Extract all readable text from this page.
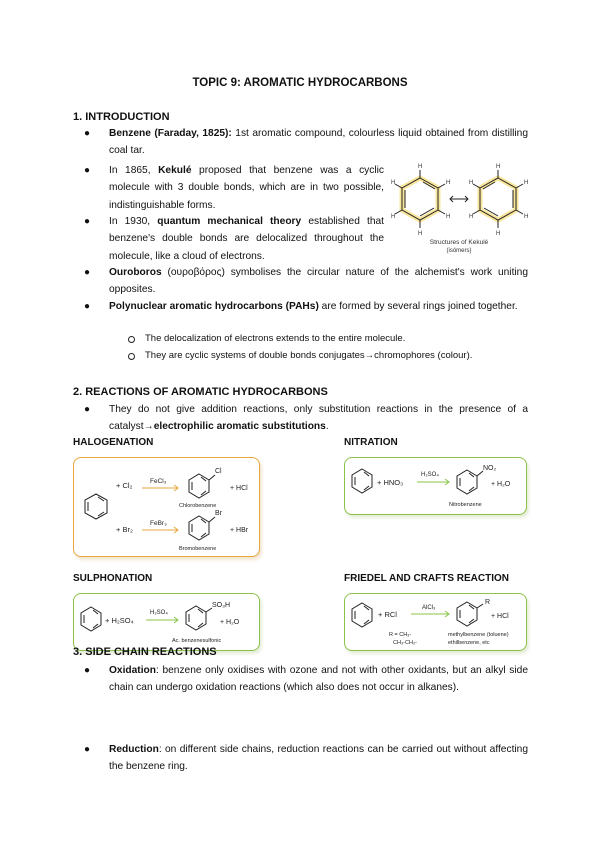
TOPIC 9: AROMATIC HYDROCARBONS
1. INTRODUCTION
● Benzene (Faraday, 1825): 1st aromatic compound, colourless liquid obtained from distilling coal tar.
● In 1865, Kekulé proposed that benzene was a cyclic molecule with 3 double bonds, which are in two possible, indistinguishable forms.
● In 1930, quantum mechanical theory established that benzene's double bonds are delocalized throughout the molecule, like a cloud of electrons.
H	H
H	H
H	H
H	H
H	H
H	H
Structures of Kekulé
(isómers)
● Ouroboros (ουροβόρος) symbolises the circular nature of the alchemist's work uniting opposites.
● Polynuclear aromatic hydrocarbons (PAHs) are formed by several rings joined together.
The delocalization of electrons extends to the entire molecule.
They are cyclic systems of double bonds conjugates→chromophores (colour).
2. REACTIONS OF AROMATIC HYDROCARBONS
● They do not give addition reactions, only substitution reactions in the presence of a catalyst→electrophilic aromatic substitutions.
HALOGENATION	NITRATION
+ Cl₂	FeCl₃
Cl
+ HCl
Chlorobenzene
+ Br₂
FeBr₃
Br
+ HBr
Bromobenzene
+ HNO₃
H₂SO₄
NO₂
+ H₂O
Nitrobenzene
SULPHONATION	FRIEDEL AND CRAFTS REACTION
+ H₂SO₄
H₂SO₄
SO₃H
+ H₂O
Ac. benzenesulfonic
+ RCl
AlCl₃
R
+ HCl
R = CH₃-
CH₃-CH₂-
methylbenzene (toluene)
ethilbenzene, etc
3. SIDE CHAIN REACTIONS
● Oxidation: benzene only oxidises with ozone and not with other oxidants, but an alkyl side chain can undergo oxidation reactions (which also does not occur in alkanes).
● Reduction: on different side chains, reduction reactions can be carried out without affecting the benzene ring.
